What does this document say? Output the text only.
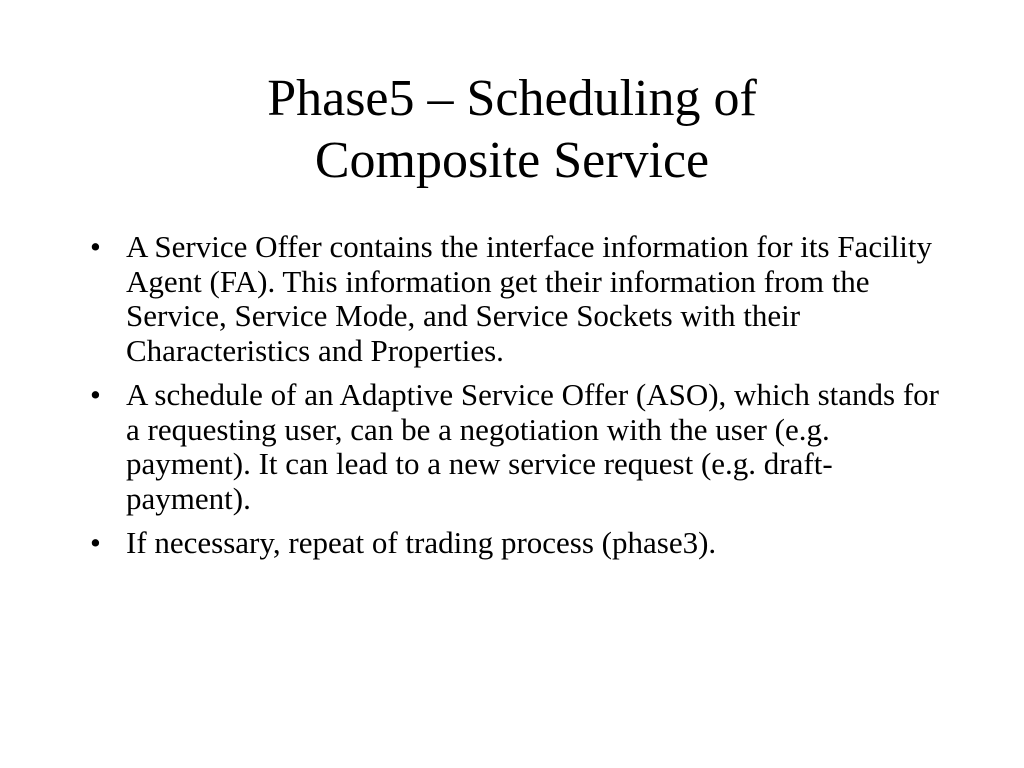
Phase5 – Scheduling of
Composite Service
• A Service Offer contains the interface information for its Facility Agent (FA). This information get their information from the Service, Service Mode, and Service Sockets with their Characteristics and Properties.
• A schedule of an Adaptive Service Offer (ASO), which stands for a requesting user, can be a negotiation with the user (e.g. payment). It can lead to a new service request (e.g. draft-payment).
• If necessary, repeat of trading process (phase3).
